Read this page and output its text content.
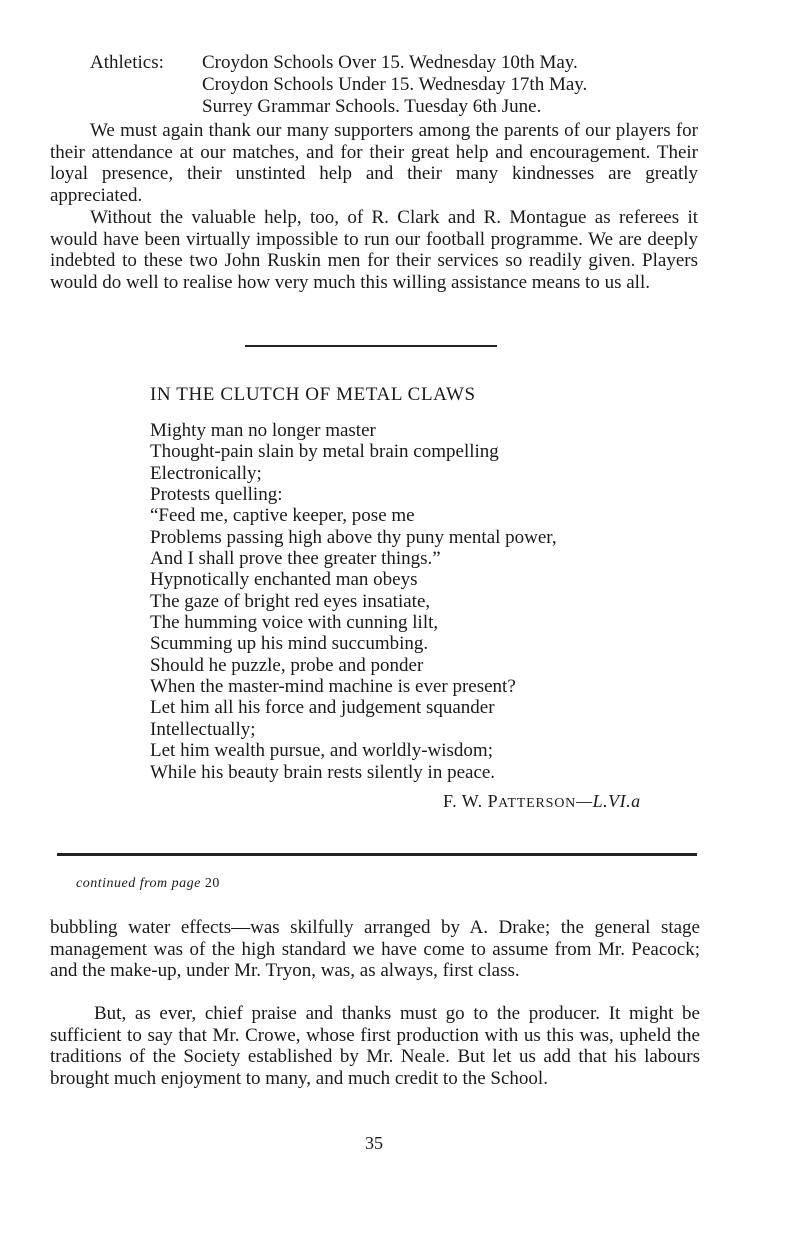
Athletics: Croydon Schools Over 15. Wednesday 10th May.
Croydon Schools Under 15. Wednesday 17th May.
Surrey Grammar Schools. Tuesday 6th June.

We must again thank our many supporters among the parents of our players for their attendance at our matches, and for their great help and encouragement. Their loyal presence, their unstinted help and their many kindnesses are greatly appreciated.

Without the valuable help, too, of R. Clark and R. Montague as referees it would have been virtually impossible to run our football programme. We are deeply indebted to these two John Ruskin men for their services so readily given. Players would do well to realise how very much this willing assistance means to us all.

IN THE CLUTCH OF METAL CLAWS
Mighty man no longer master
Thought-pain slain by metal brain compelling
Electronically;
Protests quelling:
“Feed me, captive keeper, pose me
Problems passing high above thy puny mental power,
And I shall prove thee greater things.”
Hypnotically enchanted man obeys
The gaze of bright red eyes insatiate,
The humming voice with cunning lilt,
Scumming up his mind succumbing.
Should he puzzle, probe and ponder
When the master-mind machine is ever present?
Let him all his force and judgement squander
Intellectually;
Let him wealth pursue, and worldly-wisdom;
While his beauty brain rests silently in peace.
F. W. PATTERSON—L.VI.a
continued from page 20

bubbling water effects—was skilfully arranged by A. Drake; the general stage management was of the high standard we have come to assume from Mr. Peacock; and the make-up, under Mr. Tryon, was, as always, first class.

But, as ever, chief praise and thanks must go to the producer. It might be sufficient to say that Mr. Crowe, whose first production with us this was, upheld the traditions of the Society established by Mr. Neale. But let us add that his labours brought much enjoyment to many, and much credit to the School.

35
